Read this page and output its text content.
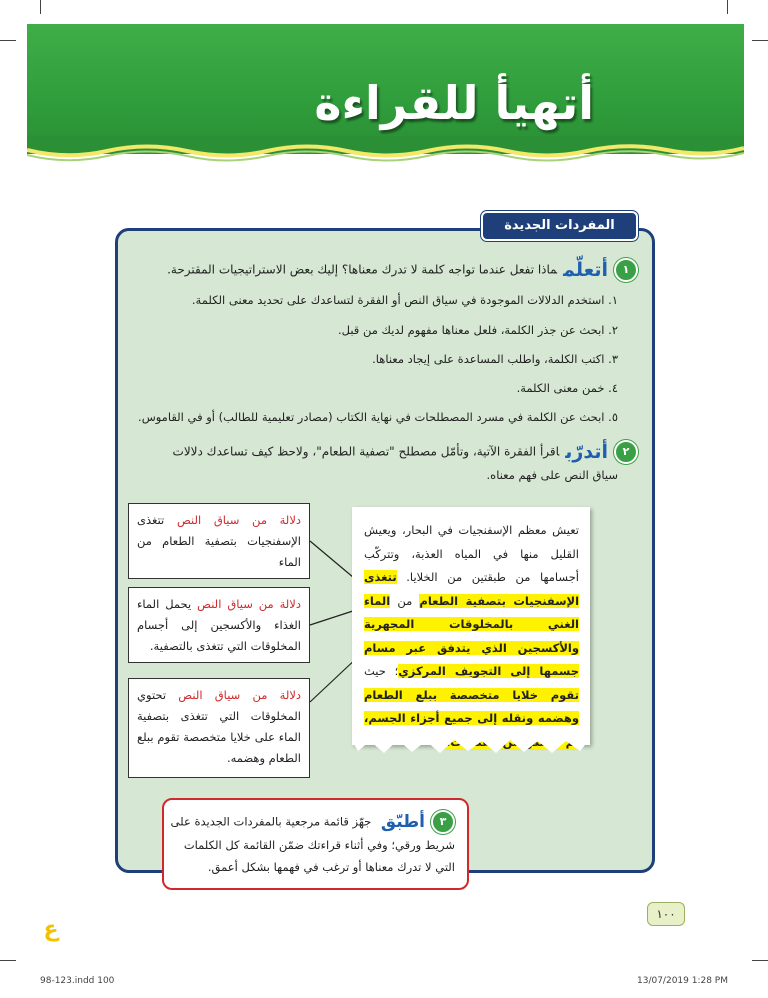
أتهيأ للقراءة
المفردات الجديدة
١أتعلّمماذا تفعل عندما تواجه كلمة لا تدرك معناها؟ إليك بعض الاستراتيجيات المقترحة.
١. استخدم الدلالات الموجودة في سياق النص أو الفقرة لتساعدك على تحديد معنى الكلمة.
٢. ابحث عن جذر الكلمة، فلعل معناها مفهوم لديك من قبل.
٣. اكتب الكلمة، واطلب المساعدة على إيجاد معناها.
٤. خمن معنى الكلمة.
٥. ابحث عن الكلمة في مسرد المصطلحات في نهاية الكتاب (مصادر تعليمية للطالب) أو في القاموس.
٢أتدرّباقرأ الفقرة الآتية، وتأمّل مصطلح "تصفية الطعام"، ولاحظ كيف تساعدك دلالات
سياق النص على فهم معناه.
دلالة من سياق النص تتغذى الإسفنجيات بتصفية الطعام من الماء
دلالة من سياق النص يحمل الماء الغذاء والأكسجين إلى أجسام المخلوقات التي تتغذى بالتصفية.
دلالة من سياق النص تحتوي المخلوقات التي تتغذى بتصفية الماء على خلايا متخصصة تقوم ببلع الطعام وهضمه.
تعيش معظم الإسفنجيات في البحار، ويعيش القليل منها في المياه العذبة، وتتركّب أجسامها من طبقتين من الخلايا. تتغذى الإسفنجيات بتصفية الطعام من الماء الغني بالمخلوقات المجهرية والأكسجين الذي يتدفق عبر مسام جسمها إلى التجويف المركزي؛ حيث تقوم خلايا متخصصة ببلع الطعام وهضمه ونقله إلى جميع أجزاء الجسم، من
٣أطبّق جهّز قائمة مرجعية بالمفردات الجديدة على شريط ورقي؛ وفي أثناء قراءتك ضمّن القائمة كل الكلمات التي لا تدرك معناها أو ترغب في فهمها بشكل أعمق.
١٠٠
ع
98-123.indd 100	13/07/2019 1:28 PM
